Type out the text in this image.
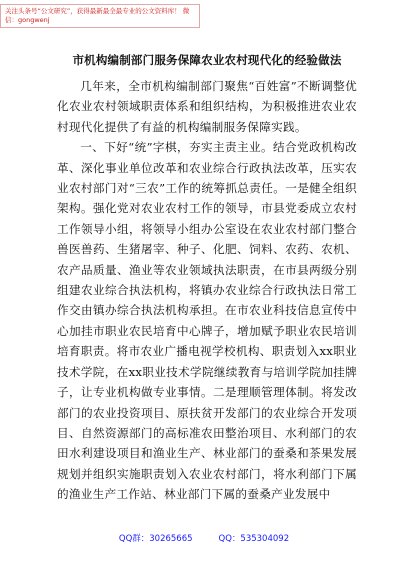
关注头条号“公文研究”，获得最新最全最专业的公文资料库！ 微信：gongwenj
市机构编制部门服务保障农业农村现代化的经验做法

几年来，全市机构编制部门聚焦“百姓富”不断调整优化农业农村领域职责体系和组织结构，为积极推进农业农村现代化提供了有益的机构编制服务保障实践。

一、下好“统”字棋，夯实主责主业。结合党政机构改革、深化事业单位改革和农业综合行政执法改革，压实农业农村部门对“三农”工作的统筹抓总责任。一是健全组织架构。强化党对农业农村工作的领导，市县党委成立农村工作领导小组，将领导小组办公室设在农业农村部门整合兽医兽药、生猪屠宰、种子、化肥、饲料、农药、农机、农产品质量、渔业等农业领域执法职责，在市县两级分别组建农业综合执法机构，将镇办农业综合行政执法日常工作交由镇办综合执法机构承担。在市农业科技信息宣传中心加挂市职业农民培育中心牌子，增加赋予职业农民培训培育职责。将市农业广播电视学校机构、职责划入xx职业技术学院，在xx职业技术学院继续教育与培训学院加挂牌子，让专业机构做专业事情。二是理顺管理体制。将发改部门的农业投资项目、原扶贫开发部门的农业综合开发项目、自然资源部门的高标准农田整治项目、水利部门的农田水利建设项目和渔业生产、林业部门的蚕桑和茶果发展规划并组织实施职责划入农业农村部门，将水利部门下属的渔业生产工作站、林业部门下属的蚕桑产业发展中

QQ群：30265665	QQ：535304092
